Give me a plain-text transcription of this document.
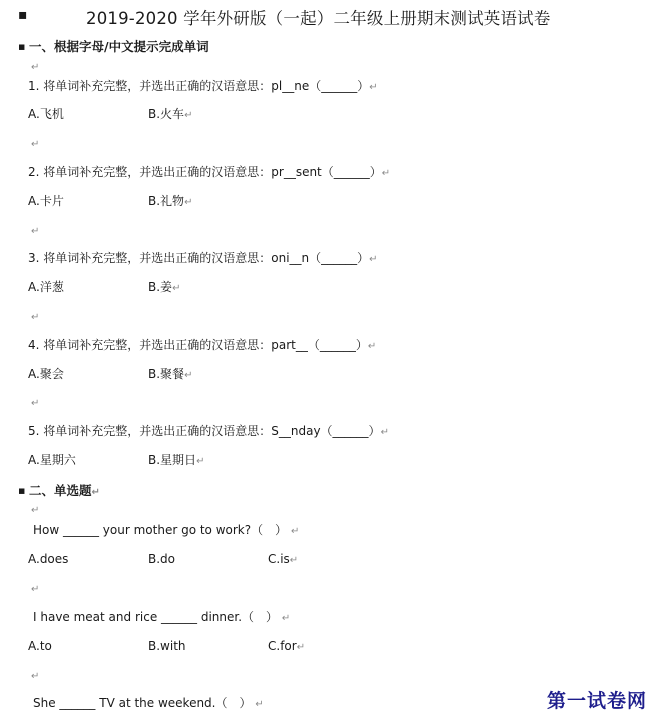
▪	2019-2020 学年外研版（一起）二年级上册期末测试英语试卷
▪ 一、根据字母/中文提示完成单词
↵
1. 将单词补充完整，并选出正确的汉语意思：pl__ne（______）↵
A.飞机	B.火车↵
↵
2. 将单词补充完整，并选出正确的汉语意思：pr__sent（______）↵
A.卡片	B.礼物↵
↵
3. 将单词补充完整，并选出正确的汉语意思：oni__n（______）↵
A.洋葱	B.姜↵
↵
4. 将单词补充完整，并选出正确的汉语意思：part__（______）↵
A.聚会	B.聚餐↵
↵
5. 将单词补充完整，并选出正确的汉语意思：S__nday（______）↵
A.星期六	B.星期日↵
▪ 二、单选题↵
↵
How ______ your mother go to work?（　） ↵
A.does	B.do	C.is↵
↵
I have meat and rice ______ dinner.（　） ↵
A.to	B.with	C.for↵
↵
She ______ TV at the weekend.（　） ↵	第一试卷网
